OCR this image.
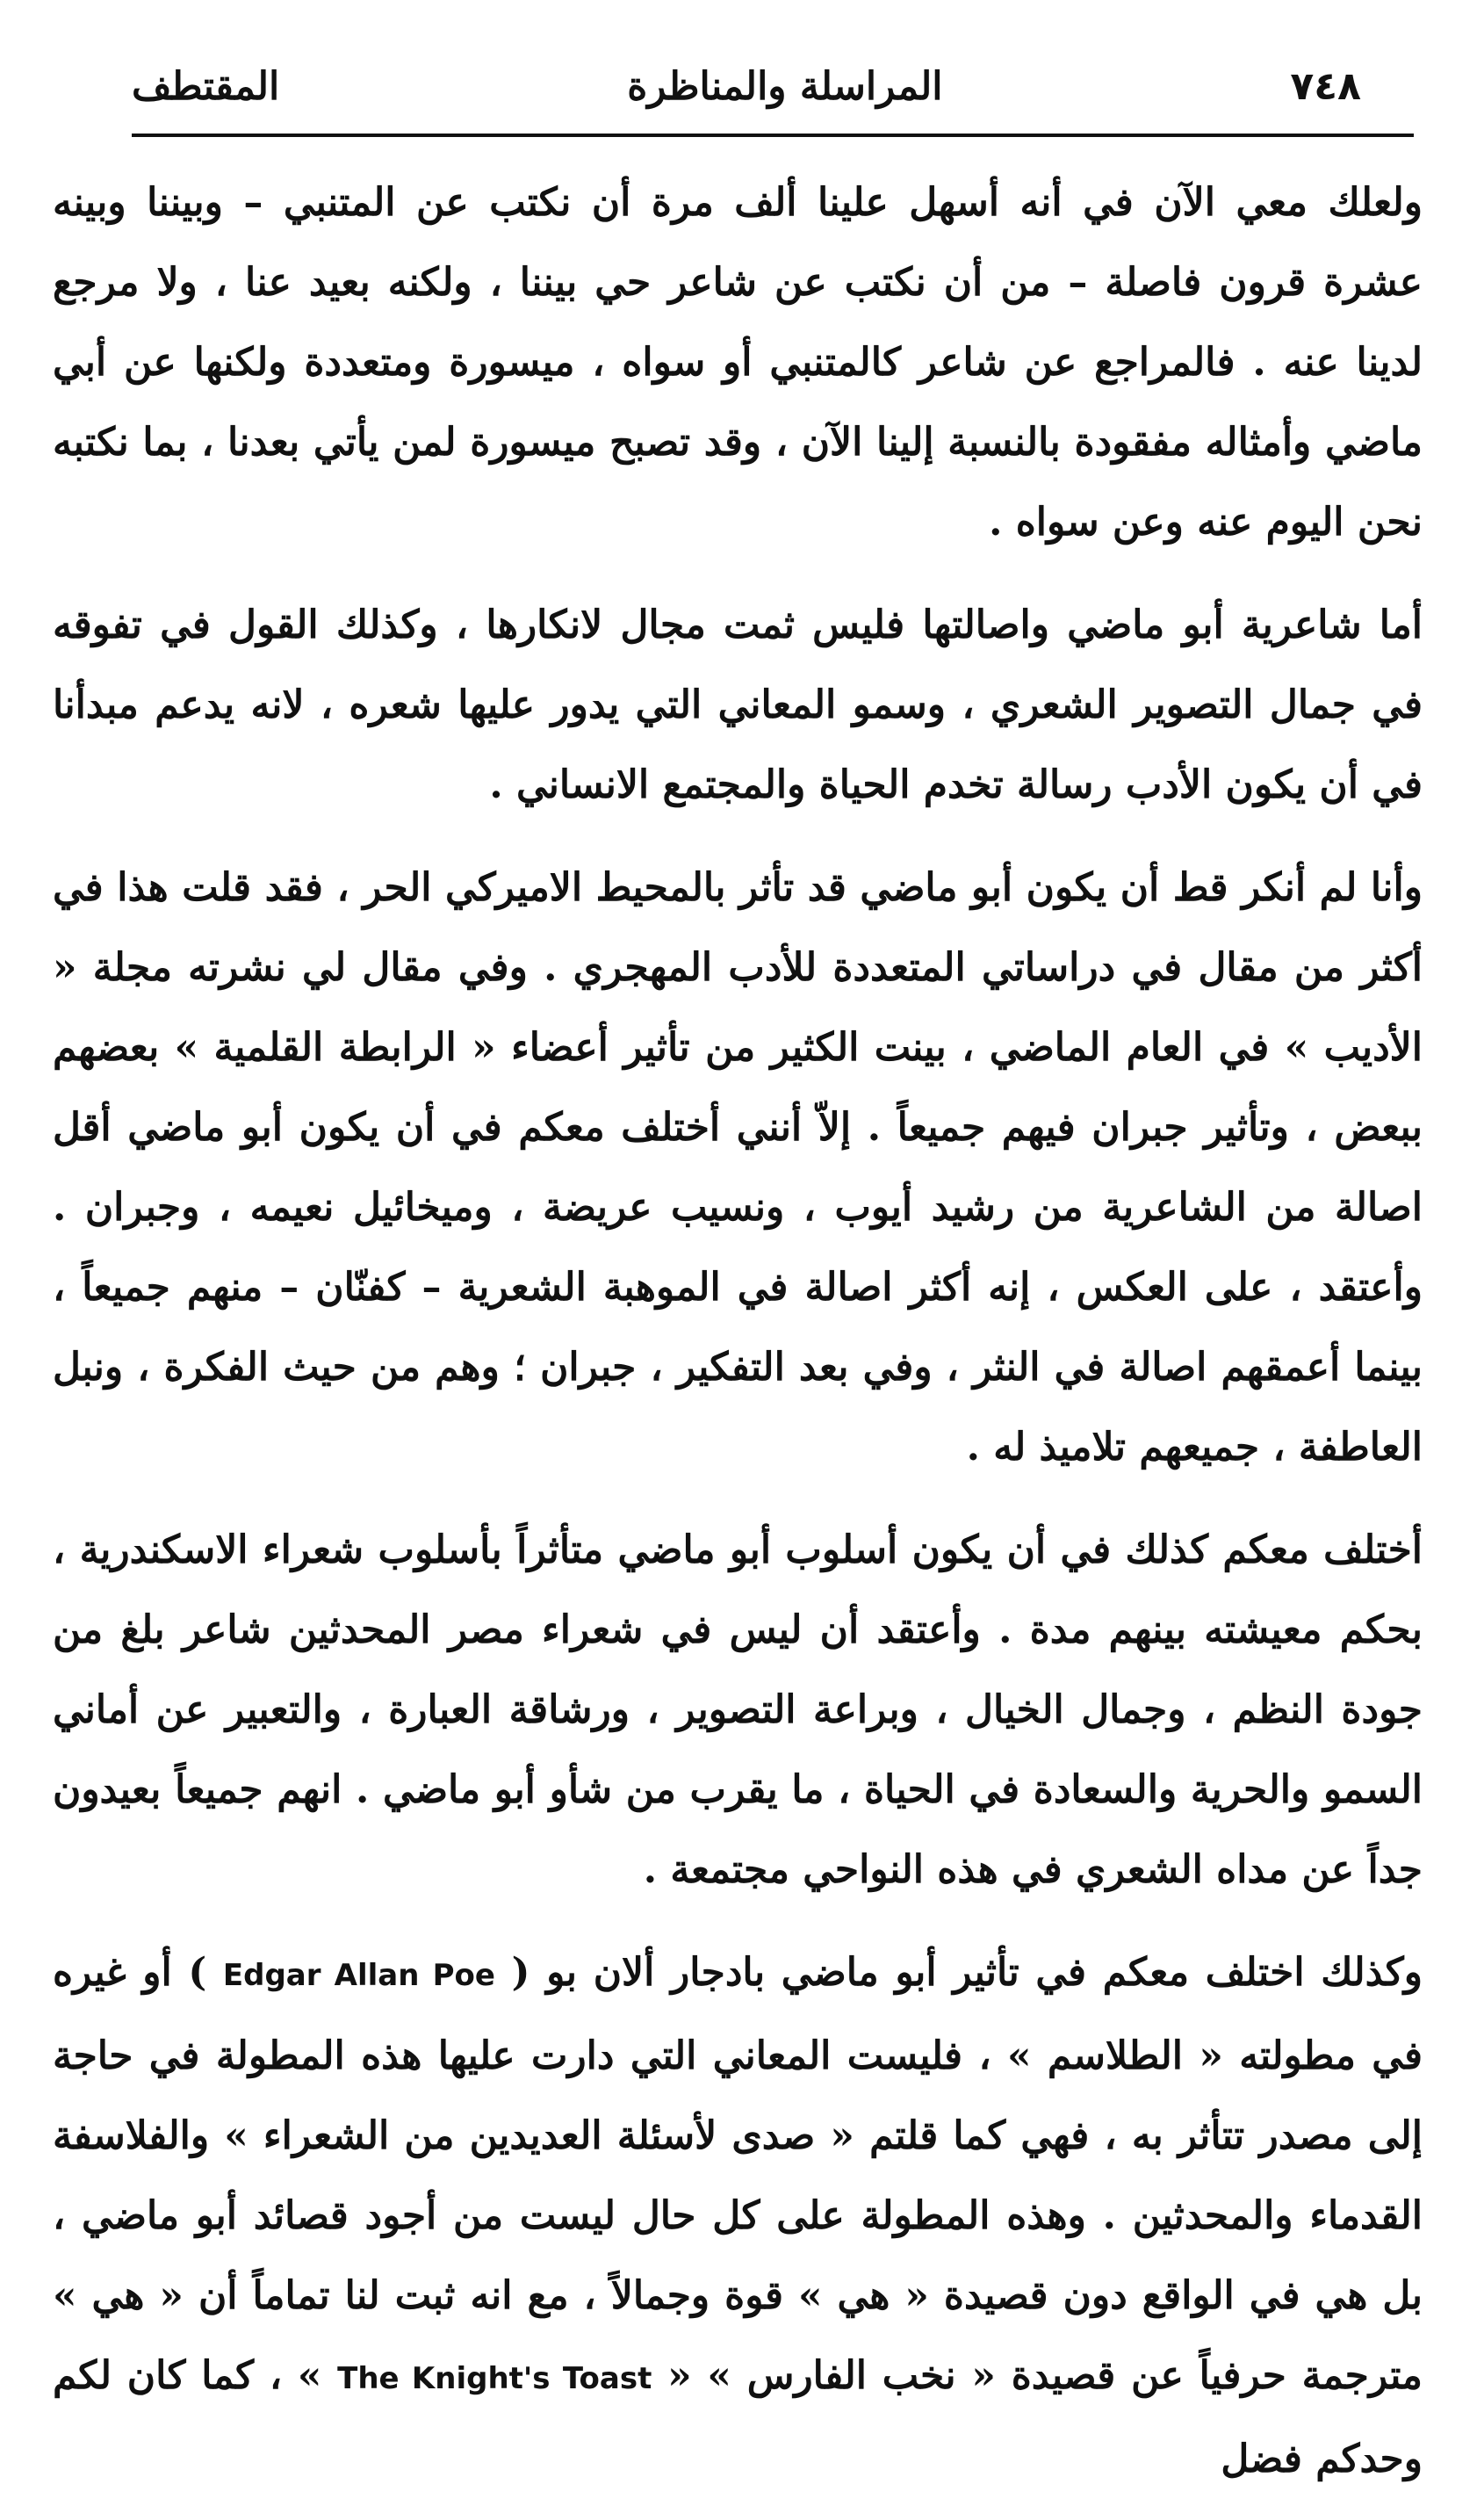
٧٤٨
المراسلة والمناظرة
المقتطف

ولعلك معي الآن في أنه أسهل علينا ألف مرة أن نكتب عن المتنبي – وبيننا وبينه عشرة قرون فاصلة – من أن نكتب عن شاعر حي بيننا ، ولكنه بعيد عنا ، ولا مرجع لدينا عنه . فالمراجع عن شاعر كالمتنبي أو سواه ، ميسورة ومتعددة ولكنها عن أبي ماضي وأمثاله مفقودة بالنسبة إلينا الآن ، وقد تصبح ميسورة لمن يأتي بعدنا ، بما نكتبه نحن اليوم عنه وعن سواه .

أما شاعرية أبو ماضي واصالتها فليس ثمت مجال لانكارها ، وكذلك القول في تفوقه في جمال التصوير الشعري ، وسمو المعاني التي يدور عليها شعره ، لانه يدعم مبدأنا في أن يكون الأدب رسالة تخدم الحياة والمجتمع الانساني .

وأنا لم أنكر قط أن يكون أبو ماضي قد تأثر بالمحيط الاميركي الحر ، فقد قلت هذا في أكثر من مقال في دراساتي المتعددة للأدب المهجري . وفي مقال لي نشرته مجلة « الأديب » في العام الماضي ، بينت الكثير من تأثير أعضاء « الرابطة القلمية » بعضهم ببعض ، وتأثير جبران فيهم جميعاً . إلاّ أنني أختلف معكم في أن يكون أبو ماضي أقل اصالة من الشاعرية من رشيد أيوب ، ونسيب عريضة ، وميخائيل نعيمه ، وجبران . وأعتقد ، على العكس ، إنه أكثر اصالة في الموهبة الشعرية – كفنّان – منهم جميعاً ، بينما أعمقهم اصالة في النثر ، وفي بعد التفكير ، جبران ؛ وهم من حيث الفكرة ، ونبل العاطفة ، جميعهم تلاميذ له .

أختلف معكم كذلك في أن يكون أسلوب أبو ماضي متأثراً بأسلوب شعراء الاسكندرية ، بحكم معيشته بينهم مدة . وأعتقد أن ليس في شعراء مصر المحدثين شاعر بلغ من جودة النظم ، وجمال الخيال ، وبراعة التصوير ، ورشاقة العبارة ، والتعبير عن أماني السمو والحرية والسعادة في الحياة ، ما يقرب من شأو أبو ماضي . انهم جميعاً بعيدون جداً عن مداه الشعري في هذه النواحي مجتمعة .

وكذلك اختلف معكم في تأثير أبو ماضي بادجار ألان بو ( Edgar Allan Poe ) أو غيره في مطولته « الطلاسم » ، فليست المعاني التي دارت عليها هذه المطولة في حاجة إلى مصدر تتأثر به ، فهي كما قلتم « صدى لأسئلة العديدين من الشعراء » والفلاسفة القدماء والمحدثين . وهذه المطولة على كل حال ليست من أجود قصائد أبو ماضي ، بل هي في الواقع دون قصيدة « هي » قوة وجمالاً ، مع انه ثبت لنا تماماً أن « هي » مترجمة حرفياً عن قصيدة « نخب الفارس » « The Knight's Toast » ، كما كان لكم وحدكم فضل
